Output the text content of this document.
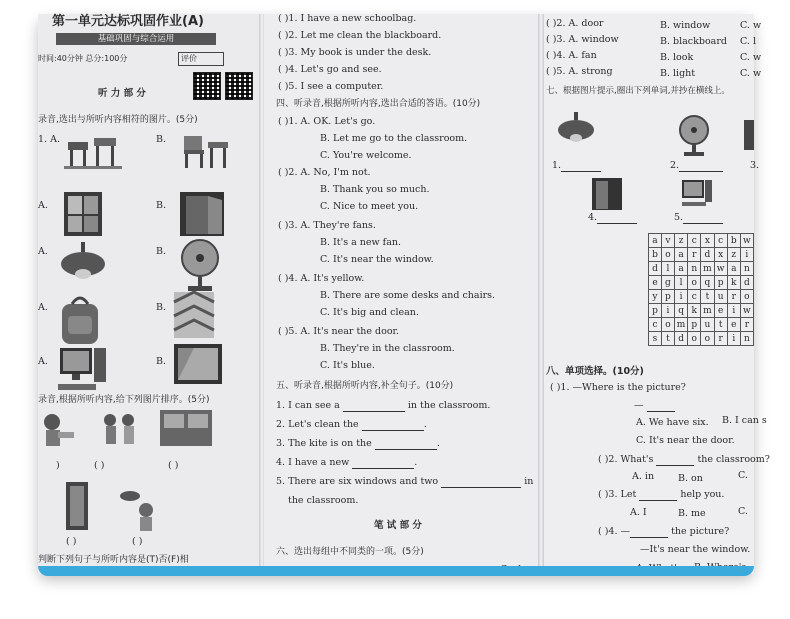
第一单元达标巩固作业(A)
基础巩固与综合运用
时间:40分钟 总分:100分	评价
听 力 部 分
录音,选出与所听内容相符的图片。(5分)
1. A.	B.
A.	B.
A.	B.
A.	B.
A.	B.
录音,根据所听内容,给下列图片排序。(5分)
)	( )	( )
( )	( )
判断下列句子与所听内容是(T)否(F)相
( )1. I have a new schoolbag.
( )2. Let me clean the blackboard.
( )3. My book is under the desk.
( )4. Let's go and see.
( )5. I see a computer.
四、听录音,根据所听内容,选出合适的答语。(10分)
( )1. A. OK. Let's go.
B. Let me go to the classroom.
C. You're welcome.
( )2. A. No, I'm not.
B. Thank you so much.
C. Nice to meet you.
( )3. A. They're fans.
B. It's a new fan.
C. It's near the window.
( )4. A. It's yellow.
B. There are some desks and chairs.
C. It's big and clean.
( )5. A. It's near the door.
B. They're in the classroom.
C. It's blue.
五、听录音,根据所听内容,补全句子。(10分)
1. I can see a	in the classroom.
2. Let's clean the	.
3. The kite is on the	.
4. I have a new	.
5. There are six windows and two	in
the classroom.
笔 试 部 分
六、选出每组中不同类的一项。(5分)
( )2. A. door	B. window	C. w
( )3. A. window	B. blackboard C. l
( )4. A. fan	B. look	C. w
( )5. A. strong	B. light	C. w
七、根据图片提示,圈出下列单词,并抄在横线上。
1.	2.	3.
4.	5.
a	v	z	c	x	c	b	w
b	o	a	r	d	x	z	i
d	l	a	n	m	w	a	n
e	g	l	o	q	p	k	d
y	p	i	c	t	u	r	o
p	i	q	k	m	e	i	w
c	o	m	p	u	t	e	r
s	t	d	o	o	r	i	n
八、单项选择。(10分)
( )1. —Where is the picture?
—
A. We have six. B. I can s
C. It's near the door.
( )2. What's	the classroom?
A. in	B. on	C.
( )3. Let	help you.
A. I	B. me	C.
( )4. —	the picture?
—It's near the window.
